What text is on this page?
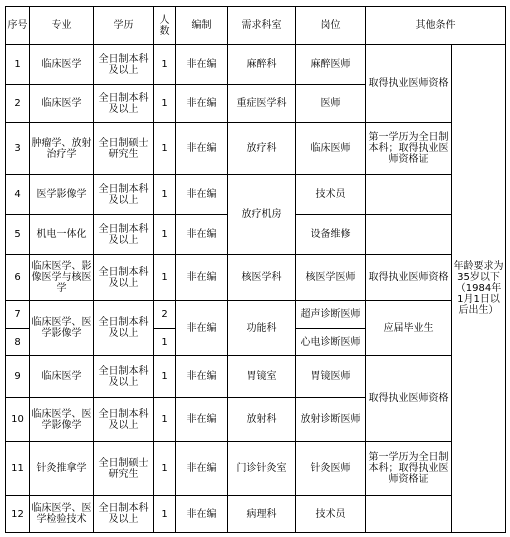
序号	专业	学历	人数	编制	需求科室	岗位	其他条件	
1	临床医学	全日制本科及以上	1	非在编	麻醉科	麻醉医师	取得执业医师资格	年龄要求为35岁以下（1984年1月1日以后出生）
2	临床医学	全日制本科及以上	1	非在编	重症医学科	医师		
3	肿瘤学、放射治疗学	全日制硕士研究生	1	非在编	放疗科	临床医师	第一学历为全日制本科；取得执业医师资格证	
4	医学影像学	全日制本科及以上	1	非在编	放疗机房	技术员		
5	机电一体化	全日制本科及以上	1	非在编		设备维修		
6	临床医学、影像医学与核医学	全日制本科及以上	1	非在编	核医学科	核医学医师	取得执业医师资格	
7	临床医学、医学影像学	全日制本科及以上	2	非在编	功能科	超声诊断医师	应届毕业生	
8			1			心电诊断医师		
9	临床医学	全日制本科及以上	1	非在编	胃镜室	胃镜医师	取得执业医师资格	
10	临床医学、医学影像学	全日制本科及以上	1	非在编	放射科	放射诊断医师		
11	针灸推拿学	全日制硕士研究生	1	非在编	门诊针灸室	针灸医师	第一学历为全日制本科；取得执业医师资格证	
12	临床医学、医学检验技术	全日制本科及以上	1	非在编	病理科	技术员		
